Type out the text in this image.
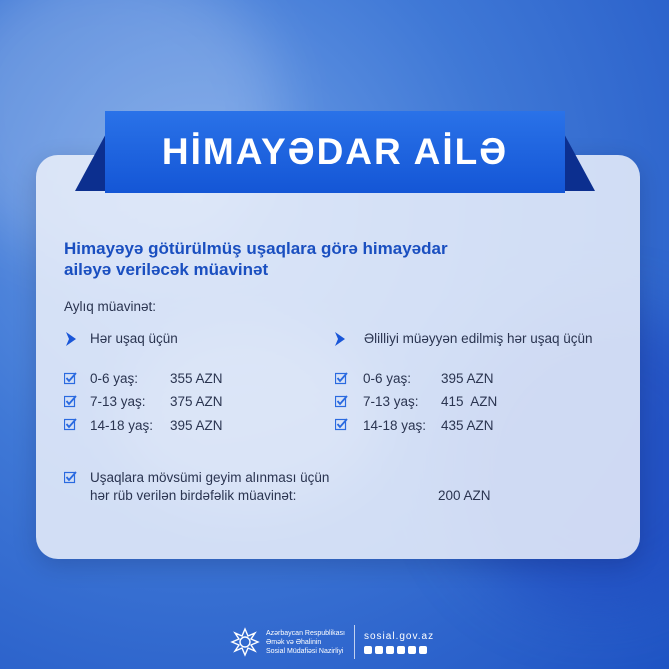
HİMAYƏDAR AİLƏ
Himayəyə götürülmüş uşaqlara görə himayədar
ailəyə veriləcək müavinət
Aylıq müavinət:
Hər uşaq üçün	Əlilliyi müəyyən edilmiş hər uşaq üçün
0-6 yaş: 355 AZN
7-13 yaş: 375 AZN
14-18 yaş: 395 AZN
0-6 yaş: 395 AZN
7-13 yaş: 415  AZN
14-18 yaş: 435 AZN
Uşaqlara mövsümi geyim alınması üçün
hər rüb verilən birdəfəlik müavinət:	200 AZN
Azərbaycan Respublikası
Əmək və Əhalinin
Sosial Müdafiəsi Nazirliyi
sosial.gov.az
